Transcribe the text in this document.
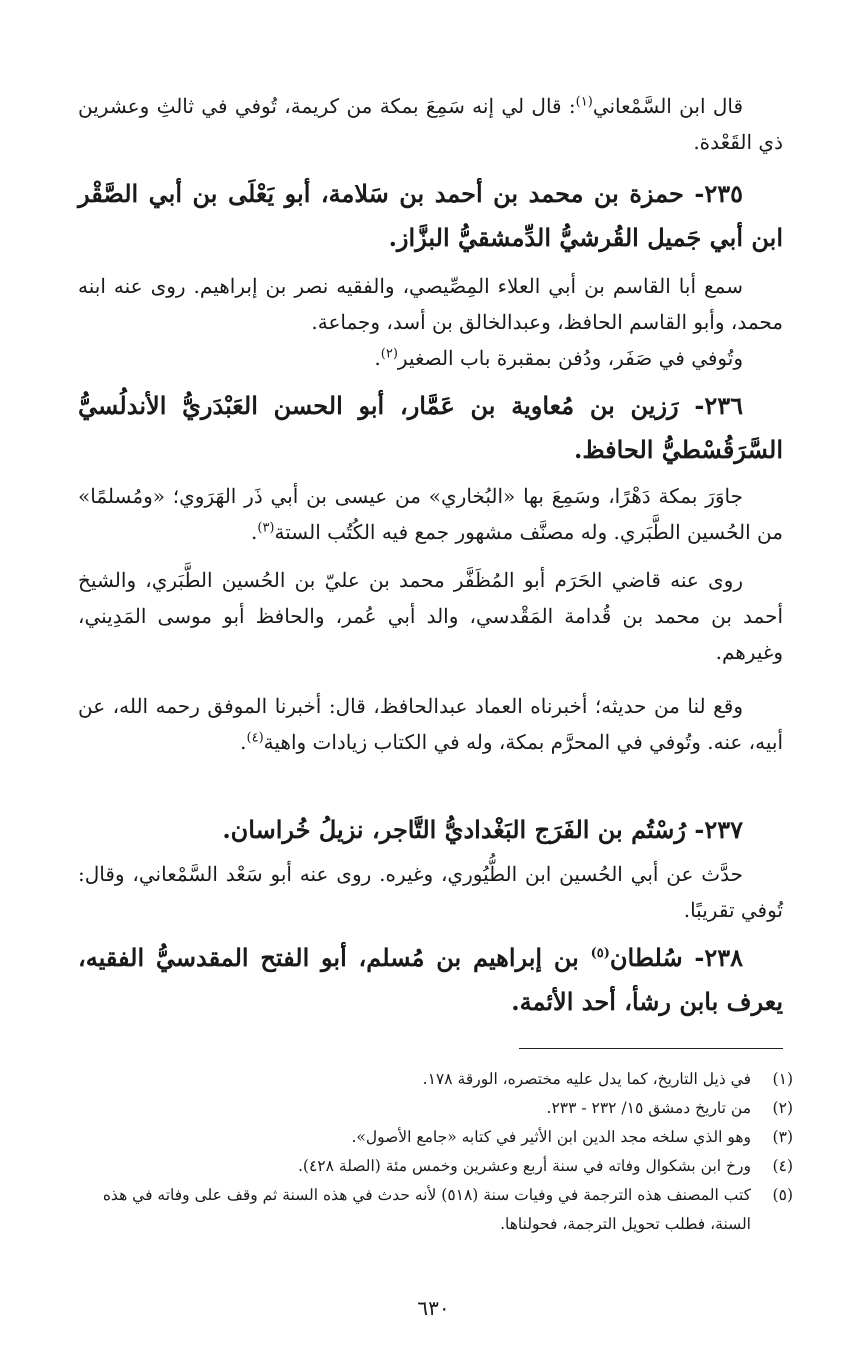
قال ابن السَّمْعاني$^{(١)}$: قال لي إنه سَمِعَ بمكة من كريمة، تُوفي في ثالثِ وعشرين ذي القَعْدة.

٢٣٥- حمزة بن محمد بن أحمد بن سَلامة، أبو يَعْلَى بن أبي الصَّقْر ابن أبي جَميل القُرشيُّ الدِّمشقيُّ البزَّاز.

سمع أبا القاسم بن أبي العلاء المِصِّيصي، والفقيه نصر بن إبراهيم. روى عنه ابنه محمد، وأبو القاسم الحافظ، وعبدالخالق بن أسد، وجماعة.

وتُوفي في صَفَر، ودُفن بمقبرة باب الصغير$^{(٢)}$.

٢٣٦- رَزين بن مُعاوية بن عَمَّار، أبو الحسن العَبْدَريُّ الأندلُسيُّ السَّرَقُسْطيُّ الحافظ.

جاوَرَ بمكة دَهْرًا، وسَمِعَ بها «البُخاري» من عيسى بن أبي ذَر الهَرَوي؛ «ومُسلمًا» من الحُسين الطَّبَري. وله مصنَّف مشهور جمع فيه الكُتُب الستة$^{(٣)}$.

روى عنه قاضي الحَرَم أبو المُظَفَّر محمد بن عليّ بن الحُسين الطَّبَري، والشيخ أحمد بن محمد بن قُدامة المَقْدسي، والد أبي عُمر، والحافظ أبو موسى المَدِيني، وغيرهم.

وقع لنا من حديثه؛ أخبرناه العماد عبدالحافظ، قال: أخبرنا الموفق رحمه الله، عن أبيه، عنه. وتُوفي في المحرَّم بمكة، وله في الكتاب زيادات واهية$^{(٤)}$.

٢٣٧- رُسْتُم بن الفَرَج البَغْداديُّ التَّاجر، نزيلُ خُراسان.

حدَّث عن أبي الحُسين ابن الطُّيُوري، وغيره. روى عنه أبو سَعْد السَّمْعاني، وقال: تُوفي تقريبًا.

٢٣٨- سُلطان$^{(٥)}$ بن إبراهيم بن مُسلم، أبو الفتح المقدسيُّ الفقيه، يعرف بابن رشأ، أحد الأئمة.

(١)
في ذيل التاريخ، كما يدل عليه مختصره، الورقة ١٧٨.
(٢)
من تاريخ دمشق ١٥/ ٢٣٢ - ٢٣٣.
(٣)
وهو الذي سلخه مجد الدين ابن الأثير في كتابه «جامع الأصول».
(٤)
ورخ ابن بشكوال وفاته في سنة أربع وعشرين وخمس مئة (الصلة ٤٢٨).
(٥)
كتب المصنف هذه الترجمة في وفيات سنة (٥١٨) لأنه حدث في هذه السنة ثم وقف على وفاته في هذه السنة، فطلب تحويل الترجمة، فحولناها.
٦٣٠
